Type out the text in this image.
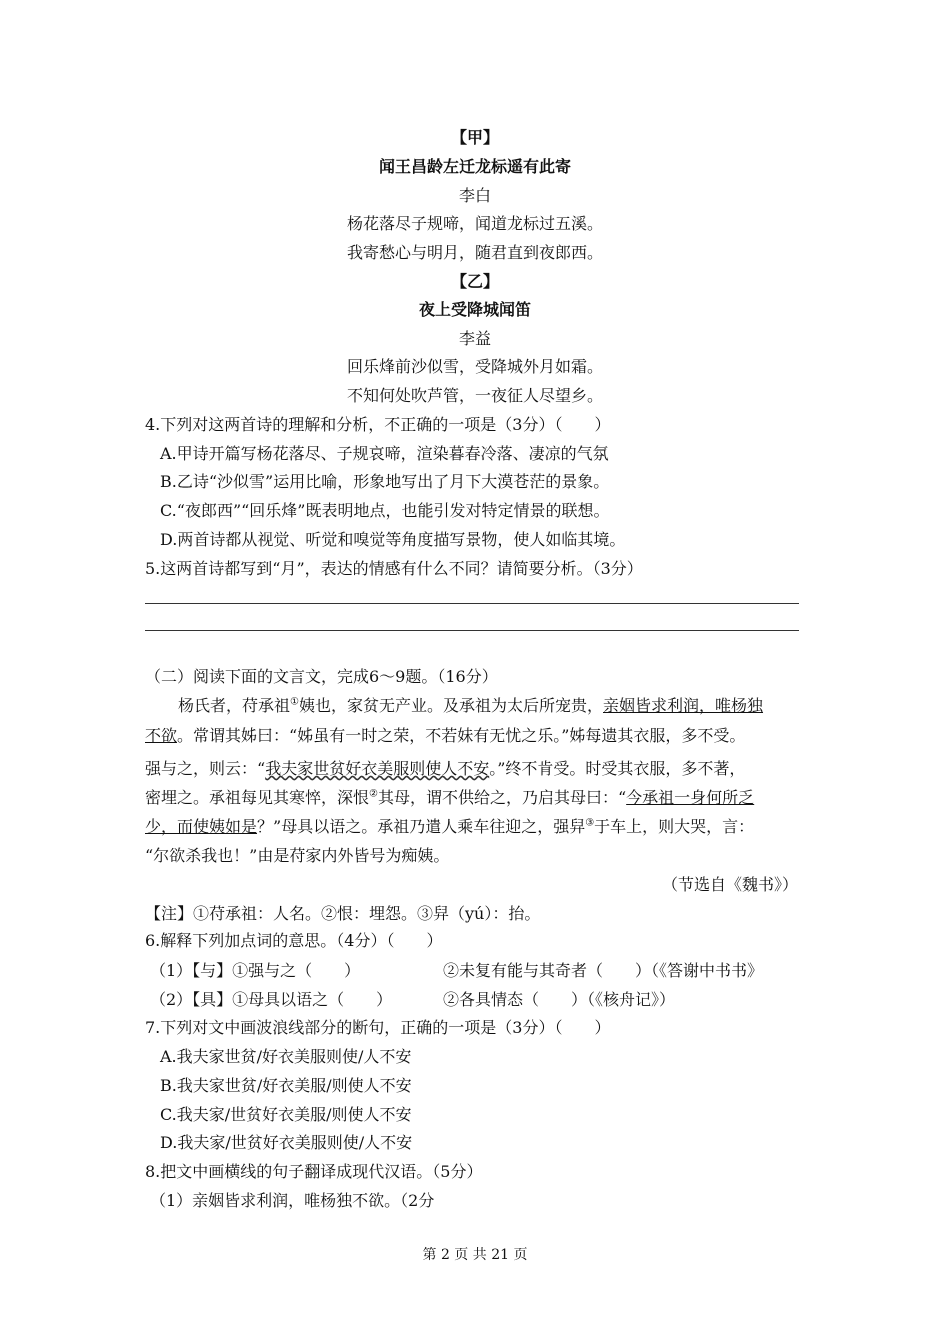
【甲】
闻王昌龄左迁龙标遥有此寄
李白
杨花落尽子规啼，闻道龙标过五溪。
我寄愁心与明月，随君直到夜郎西。
【乙】
夜上受降城闻笛
李益
回乐烽前沙似雪，受降城外月如霜。
不知何处吹芦管，一夜征人尽望乡。
4.下列对这两首诗的理解和分析，不正确的一项是（3分）（　　）
A.甲诗开篇写杨花落尽、子规哀啼，渲染暮春冷落、凄凉的气氛
B.乙诗“沙似雪”运用比喻，形象地写出了月下大漠苍茫的景象。
C.“夜郎西”“回乐烽”既表明地点，也能引发对特定情景的联想。
D.两首诗都从视觉、听觉和嗅觉等角度描写景物，使人如临其境。
5.这两首诗都写到“月”，表达的情感有什么不同？请简要分析。（3分）
（二）阅读下面的文言文，完成6～9题。（16分）
杨氏者，苻承祖①姨也，家贫无产业。及承祖为太后所宠贵，亲姻皆求利润，唯杨独
不欲。常谓其姊曰：“姊虽有一时之荣，不若妹有无忧之乐。”姊每遗其衣服，多不受。
强与之，则云：“我夫家世贫好衣美服则使人不安。”终不肯受。时受其衣服，多不著，
密埋之。承祖每见其寒悴，深恨②其母，谓不供给之，乃启其母曰：“今承祖一身何所乏
少，而使姨如是？”母具以语之。承祖乃遣人乘车往迎之，强舁③于车上，则大哭，言：
“尔欲杀我也！”由是苻家内外皆号为痴姨。
（节选自《魏书》）
【注】①苻承祖：人名。②恨：埋怨。③舁（yú）：抬。
6.解释下列加点词的意思。（4分）（　　）
（1）【与】①强与之（　　）	②未复有能与其奇者（　　）（《答谢中书书》
（2）【具】①母具以语之（　　）	②各具情态（　　）（《核舟记》）
7.下列对文中画波浪线部分的断句，正确的一项是（3分）（　　）
A.我夫家世贫/好衣美服则使/人不安
B.我夫家世贫/好衣美服/则使人不安
C.我夫家/世贫好衣美服/则使人不安
D.我夫家/世贫好衣美服则使/人不安
8.把文中画横线的句子翻译成现代汉语。（5分）
（1）亲姻皆求利润，唯杨独不欲。（2分
第 2 页 共 21 页
